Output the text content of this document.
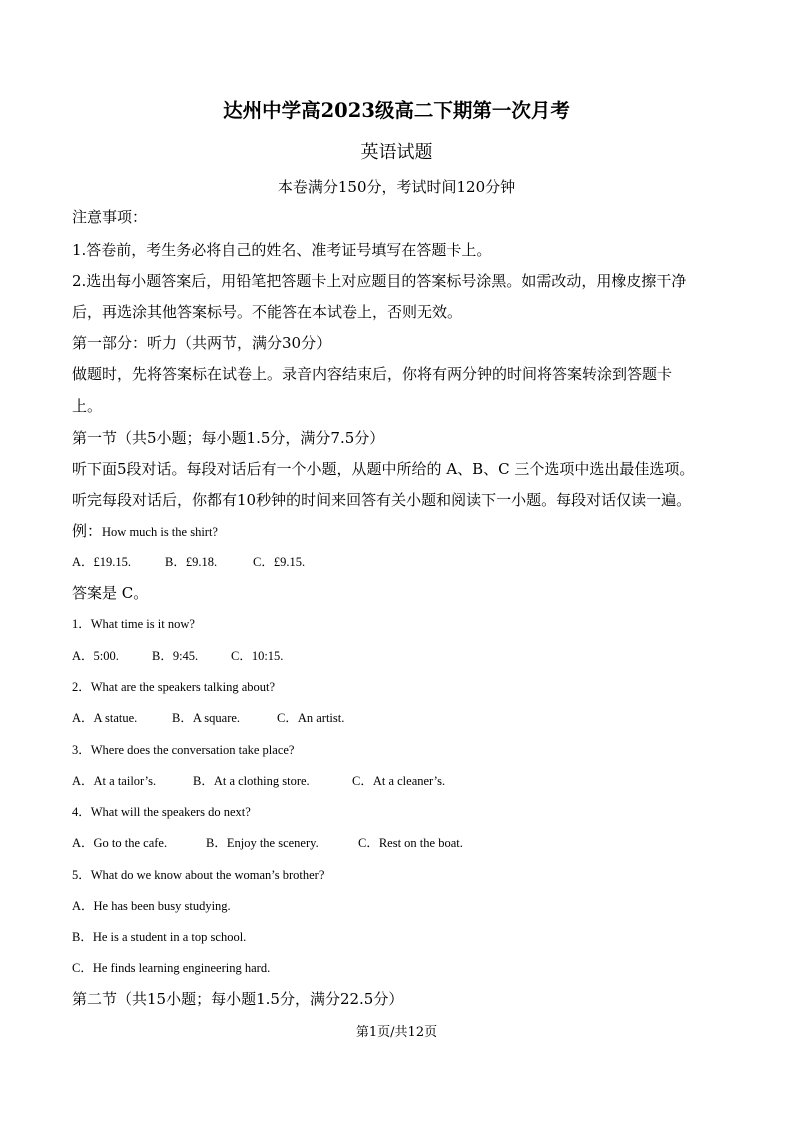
达州中学高2023级高二下期第一次月考
英语试题
本卷满分150分，考试时间120分钟
注意事项：
1.答卷前，考生务必将自己的姓名、准考证号填写在答题卡上。
2.选出每小题答案后，用铅笔把答题卡上对应题目的答案标号涂黑。如需改动，用橡皮擦干净
后，再选涂其他答案标号。不能答在本试卷上，否则无效。
第一部分：听力（共两节，满分30分）
做题时，先将答案标在试卷上。录音内容结束后，你将有两分钟的时间将答案转涂到答题卡
上。
第一节（共5小题；每小题1.5分，满分7.5分）
听下面5段对话。每段对话后有一个小题，从题中所给的 A、B、C 三个选项中选出最佳选项。
听完每段对话后，你都有10秒钟的时间来回答有关小题和阅读下一小题。每段对话仅读一遍。
例：How much is the shirt?
A．£19.15.	B．£9.18.	C．£9.15.
答案是 C。
1．What time is it now?
A．5:00.	B．9:45.	C．10:15.
2．What are the speakers talking about?
A．A statue.	B．A square.	C．An artist.
3．Where does the conversation take place?
A．At a tailor’s.	B．At a clothing store.	C．At a cleaner’s.
4．What will the speakers do next?
A．Go to the cafe.	B．Enjoy the scenery.	C．Rest on the boat.
5．What do we know about the woman’s brother?
A．He has been busy studying.
B．He is a student in a top school.
C．He finds learning engineering hard.
第二节（共15小题；每小题1.5分，满分22.5分）
第1页/共12页
